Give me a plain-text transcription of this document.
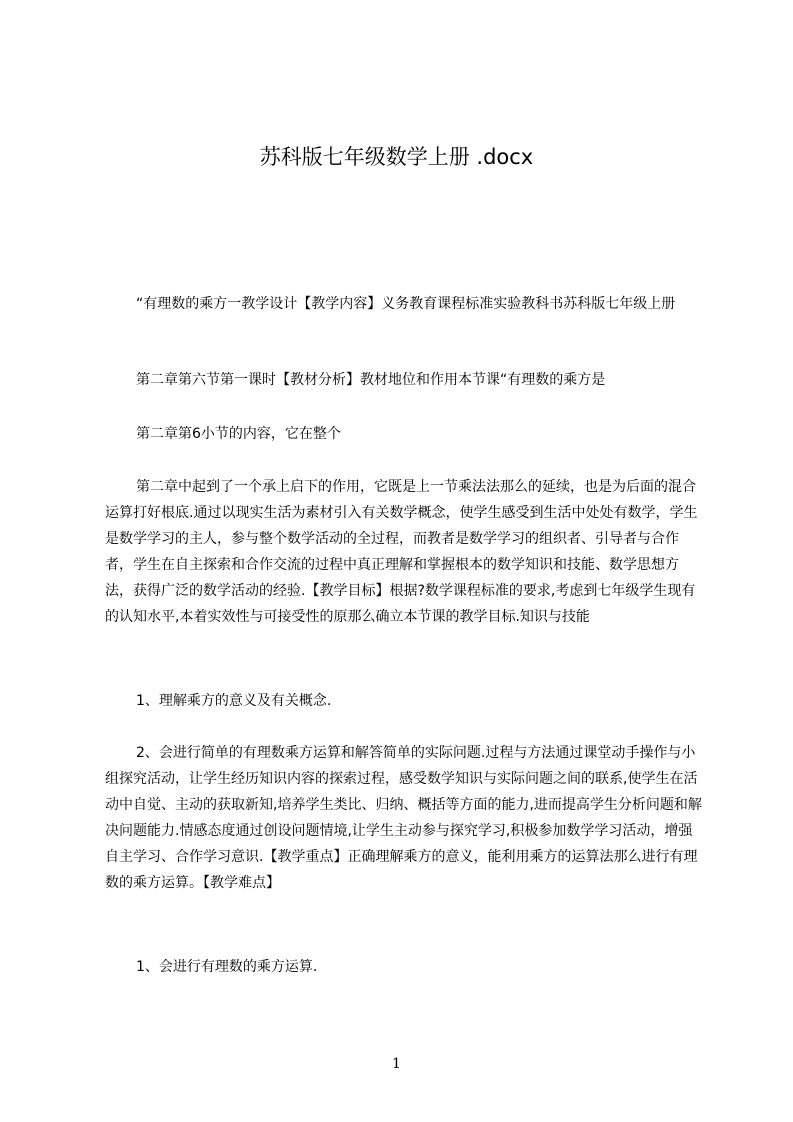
苏科版七年级数学上册 .docx

“有理数的乘方一教学设计【教学内容】义务教育课程标准实验教科书苏科版七年级上册

第二章第六节第一课时【教材分析】教材地位和作用本节课“有理数的乘方是

第二章第6小节的内容，它在整个

第二章中起到了一个承上启下的作用，它既是上一节乘法法那么的延续，也是为后面的混合运算打好根底.通过以现实生活为素材引入有关数学概念，使学生感受到生活中处处有数学，学生是数学学习的主人，参与整个数学活动的全过程，而教者是数学学习的组织者、引导者与合作者，学生在自主探索和合作交流的过程中真正理解和掌握根本的数学知识和技能、数学思想方法，获得广泛的数学活动的经验.【教学目标】根据?数学课程标准的要求,考虑到七年级学生现有的认知水平,本着实效性与可接受性的原那么确立本节课的教学目标.知识与技能

1、理解乘方的意义及有关概念.

2、会进行简单的有理数乘方运算和解答简单的实际问题.过程与方法通过课堂动手操作与小组探究活动，让学生经历知识内容的探索过程，感受数学知识与实际问题之间的联系,使学生在活动中自觉、主动的获取新知,培养学生类比、归纳、概括等方面的能力,进而提高学生分析问题和解决问题能力.情感态度通过创设问题情境,让学生主动参与探究学习,积极参加数学学习活动，增强自主学习、合作学习意识.【教学重点】正确理解乘方的意义，能利用乘方的运算法那么进行有理数的乘方运算。【教学难点】

1、会进行有理数的乘方运算.

1
